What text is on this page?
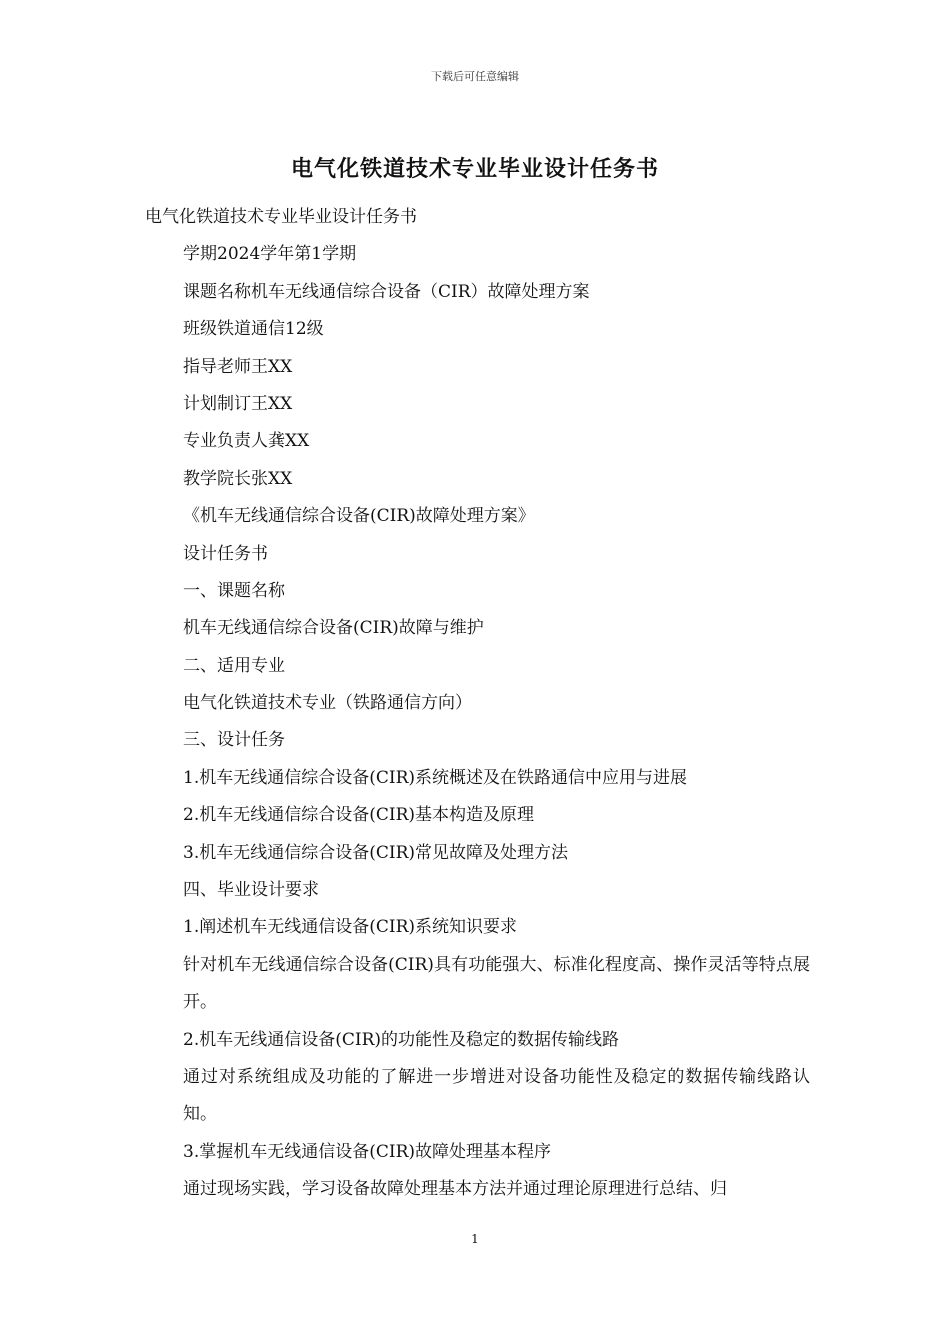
下载后可任意编辑
电气化铁道技术专业毕业设计任务书
电气化铁道技术专业毕业设计任务书
学期2024学年第1学期
课题名称机车无线通信综合设备（CIR）故障处理方案
班级铁道通信12级
指导老师王XX
计划制订王XX
专业负责人龚XX
教学院长张XX
《机车无线通信综合设备(CIR)故障处理方案》
设计任务书
一、课题名称
机车无线通信综合设备(CIR)故障与维护
二、适用专业
电气化铁道技术专业（铁路通信方向）
三、设计任务
1.机车无线通信综合设备(CIR)系统概述及在铁路通信中应用与进展
2.机车无线通信综合设备(CIR)基本构造及原理
3.机车无线通信综合设备(CIR)常见故障及处理方法
四、毕业设计要求
1.阐述机车无线通信设备(CIR)系统知识要求
针对机车无线通信综合设备(CIR)具有功能强大、标准化程度高、操作灵活等特点展开。
2.机车无线通信设备(CIR)的功能性及稳定的数据传输线路
通过对系统组成及功能的了解进一步增进对设备功能性及稳定的数据传输线路认知。
3.掌握机车无线通信设备(CIR)故障处理基本程序
通过现场实践，学习设备故障处理基本方法并通过理论原理进行总结、归
1
